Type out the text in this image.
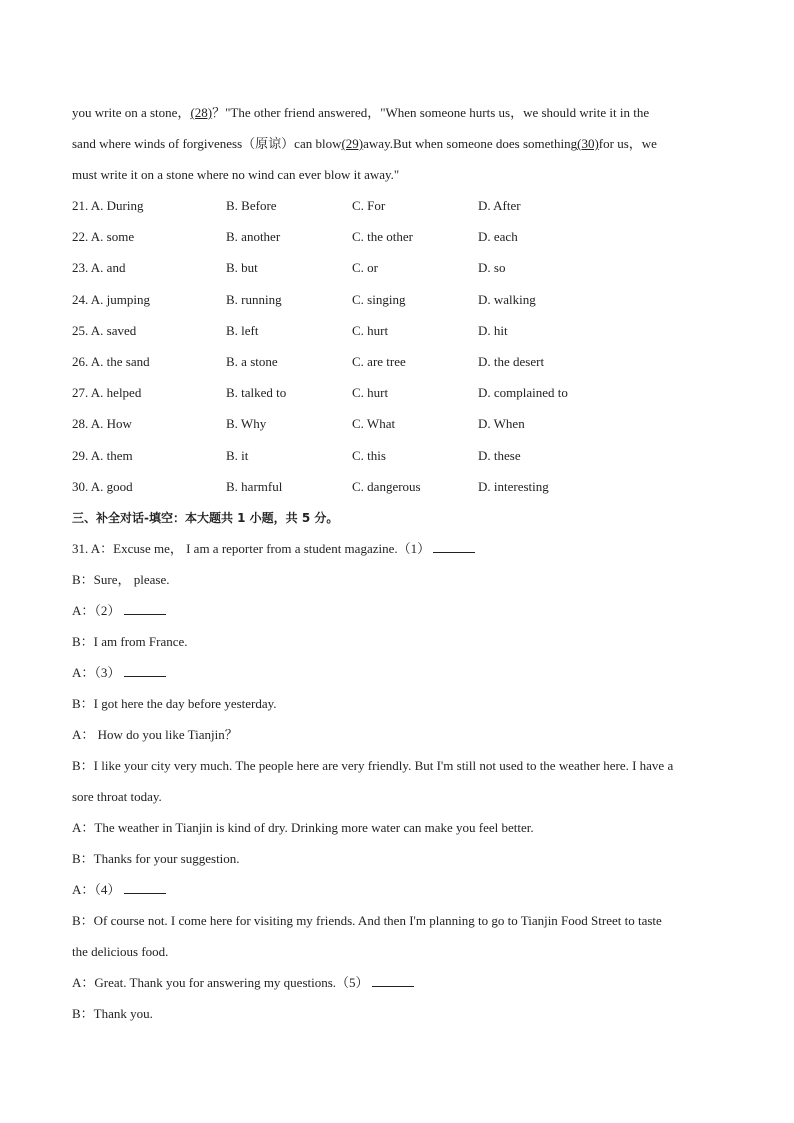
you write on a stone，(28)？"The other friend answered，"When someone hurts us，we should write it in the
sand where winds of forgiveness（原谅）can blow(29)away.But when someone does something(30)for us，we
must write it on a stone where no wind can ever blow it away."
21. A. During	B. Before	C. For	D. After
22. A. some	B. another	C. the other	D. each
23. A. and	B. but	C. or	D. so
24. A. jumping	B. running	C. singing	D. walking
25. A. saved	B. left	C. hurt	D. hit
26. A. the sand	B. a stone	C. are tree	D. the desert
27. A. helped	B. talked to	C. hurt	D. complained to
28. A. How	B. Why	C. What	D. When
29. A. them	B. it	C. this	D. these
30. A. good	B. harmful	C. dangerous	D. interesting
三、补全对话-填空：本大题共 1 小题，共 5 分。
31. A：Excuse me， I am a reporter from a student magazine.（1）
B：Sure， please.
A：（2）
B：I am from France.
A：（3）
B：I got here the day before yesterday.
A： How do you like Tianjin？
B：I like your city very much. The people here are very friendly. But I'm still not used to the weather here. I have a
sore throat today.
A：The weather in Tianjin is kind of dry. Drinking more water can make you feel better.
B：Thanks for your suggestion.
A：（4）
B：Of course not. I come here for visiting my friends. And then I'm planning to go to Tianjin Food Street to taste
the delicious food.
A：Great. Thank you for answering my questions.（5）
B：Thank you.
